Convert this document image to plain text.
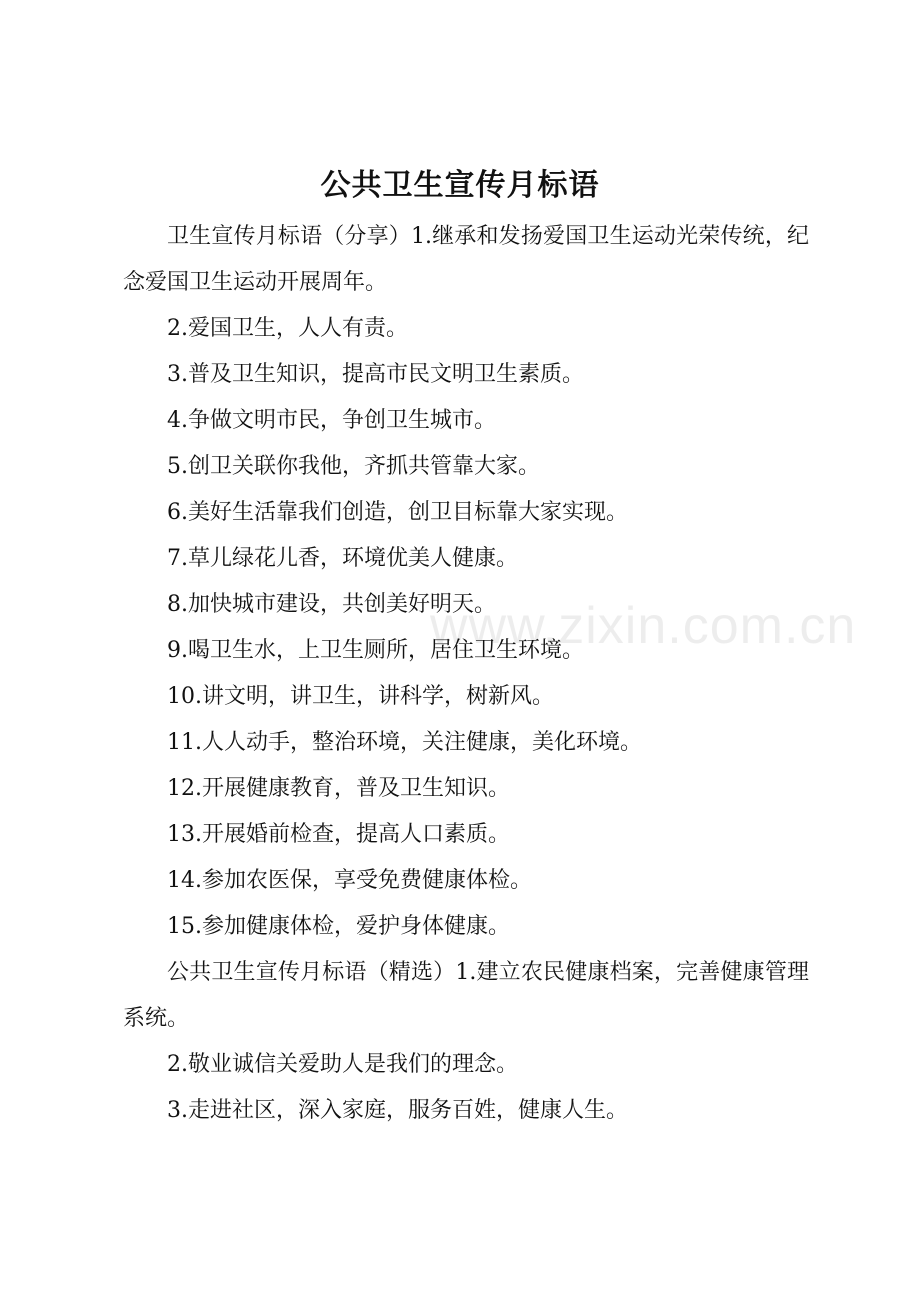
公共卫生宣传月标语

卫生宣传月标语（分享）1.继承和发扬爱国卫生运动光荣传统，纪念爱国卫生运动开展周年。

2.爱国卫生，人人有责。

3.普及卫生知识，提高市民文明卫生素质。

4.争做文明市民，争创卫生城市。

5.创卫关联你我他，齐抓共管靠大家。

6.美好生活靠我们创造，创卫目标靠大家实现。

7.草儿绿花儿香，环境优美人健康。

8.加快城市建设，共创美好明天。

9.喝卫生水，上卫生厕所，居住卫生环境。

10.讲文明，讲卫生，讲科学，树新风。

11.人人动手，整治环境，关注健康，美化环境。

12.开展健康教育，普及卫生知识。

13.开展婚前检查，提高人口素质。

14.参加农医保，享受免费健康体检。

15.参加健康体检，爱护身体健康。

公共卫生宣传月标语（精选）1.建立农民健康档案，完善健康管理系统。

2.敬业诚信关爱助人是我们的理念。

3.走进社区，深入家庭，服务百姓，健康人生。

www.zixin.com.cn
